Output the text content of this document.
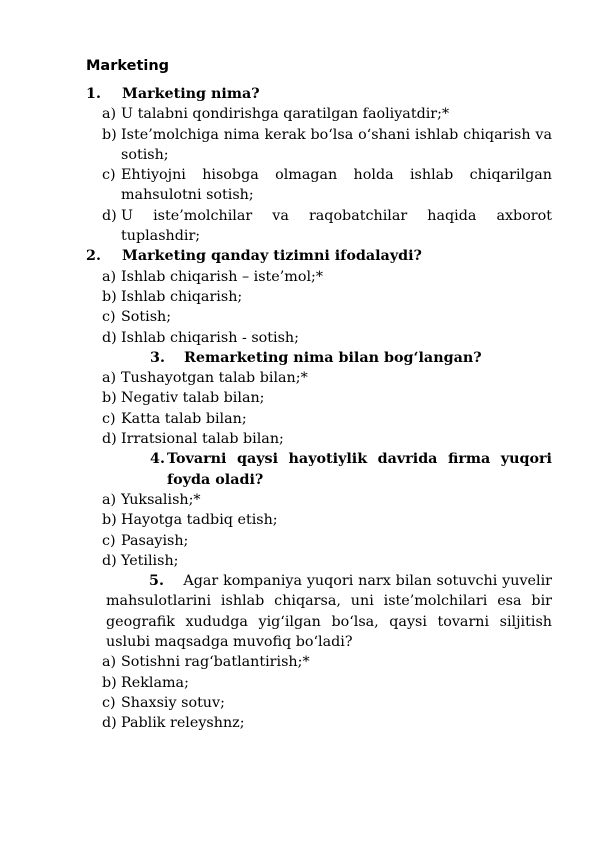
Marketing
1. Marketing nima?
a) U talabni qondirishga qaratilgan faoliyatdir;*
b) Iste’molchiga nima kerak bo‘lsa o‘shani ishlab chiqarish va sotish;
c) Ehtiyojni hisobga olmagan holda ishlab chiqarilgan mahsulotni sotish;
d) U iste’molchilar va raqobatchilar haqida axborot tuplashdir;
2. Marketing qanday tizimni ifodalaydi?
a) Ishlab chiqarish – iste’mol;*
b) Ishlab chiqarish;
c) Sotish;
d) Ishlab chiqarish - sotish;
3. Remarketing nima bilan bog‘langan?
a) Tushayotgan talab bilan;*
b) Negativ talab bilan;
c) Katta talab bilan;
d) Irratsional talab bilan;
4. Tovarni qaysi hayotiylik davrida firma yuqori foyda oladi?
a) Yuksalish;*
b) Hayotga tadbiq etish;
c) Pasayish;
d) Yetilish;
5. Agar kompaniya yuqori narx bilan sotuvchi yuvelir mahsulotlarini ishlab chiqarsa, uni iste’molchilari esa bir geografik xududga yig‘ilgan bo‘lsa, qaysi tovarni siljitish uslubi maqsadga muvofiq bo‘ladi?
a) Sotishni rag‘batlantirish;*
b) Reklama;
c) Shaxsiy sotuv;
d) Pablik releyshnz;
